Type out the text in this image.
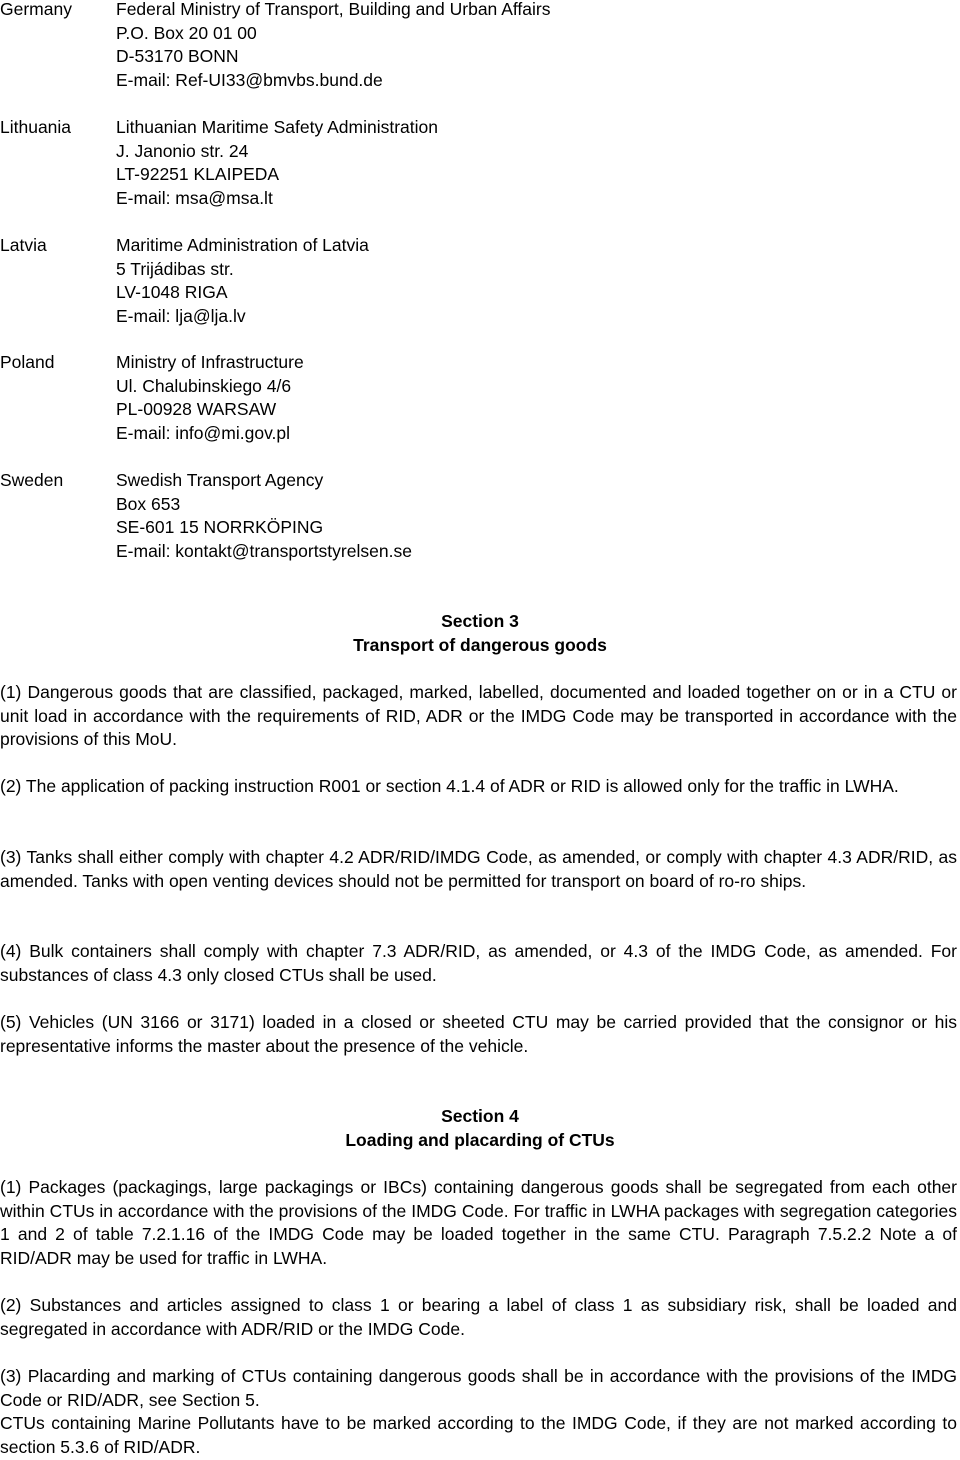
Germany	Federal Ministry of Transport, Building and Urban Affairs
P.O. Box 20 01 00
D-53170 BONN
E-mail: Ref-UI33@bmvbs.bund.de
Lithuania	Lithuanian Maritime Safety Administration
J. Janonio str. 24
LT-92251 KLAIPEDA
E-mail: msa@msa.lt
Latvia	Maritime Administration of Latvia
5 Trijádibas str.
LV-1048 RIGA
E-mail: lja@lja.lv
Poland	Ministry of Infrastructure
Ul. Chalubinskiego 4/6
PL-00928 WARSAW
E-mail: info@mi.gov.pl
Sweden	Swedish Transport Agency
Box 653
SE-601 15 NORRKÖPING
E-mail: kontakt@transportstyrelsen.se
Section 3
Transport of dangerous goods

(1) Dangerous goods that are classified, packaged, marked, labelled, documented and loaded together on or in a CTU or unit load in accordance with the requirements of RID, ADR or the IMDG Code may be transported in accordance with the provisions of this MoU.

(2) The application of packing instruction R001 or section 4.1.4 of ADR or RID is allowed only for the traffic in LWHA.

(3) Tanks shall either comply with chapter 4.2 ADR/RID/IMDG Code, as amended, or comply with chapter 4.3 ADR/RID, as amended. Tanks with open venting devices should not be permitted for transport on board of ro-ro ships.

(4) Bulk containers shall comply with chapter 7.3 ADR/RID, as amended, or 4.3 of the IMDG Code, as amended. For substances of class 4.3 only closed CTUs shall be used.

(5) Vehicles (UN 3166 or 3171) loaded in a closed or sheeted CTU may be carried provided that the consignor or his representative informs the master about the presence of the vehicle.

Section 4
Loading and placarding of CTUs

(1) Packages (packagings, large packagings or IBCs) containing dangerous goods shall be segregated from each other within CTUs in accordance with the provisions of the IMDG Code. For traffic in LWHA packages with segregation categories 1 and 2 of table 7.2.1.16 of the IMDG Code may be loaded together in the same CTU. Paragraph 7.5.2.2 Note a of RID/ADR may be used for traffic in LWHA.

(2) Substances and articles assigned to class 1 or bearing a label of class 1 as subsidiary risk, shall be loaded and segregated in accordance with ADR/RID or the IMDG Code.

(3) Placarding and marking of CTUs containing dangerous goods shall be in accordance with the provisions of the IMDG Code or RID/ADR, see Section 5.

CTUs containing Marine Pollutants have to be marked according to the IMDG Code, if they are not marked according to section 5.3.6 of RID/ADR.
